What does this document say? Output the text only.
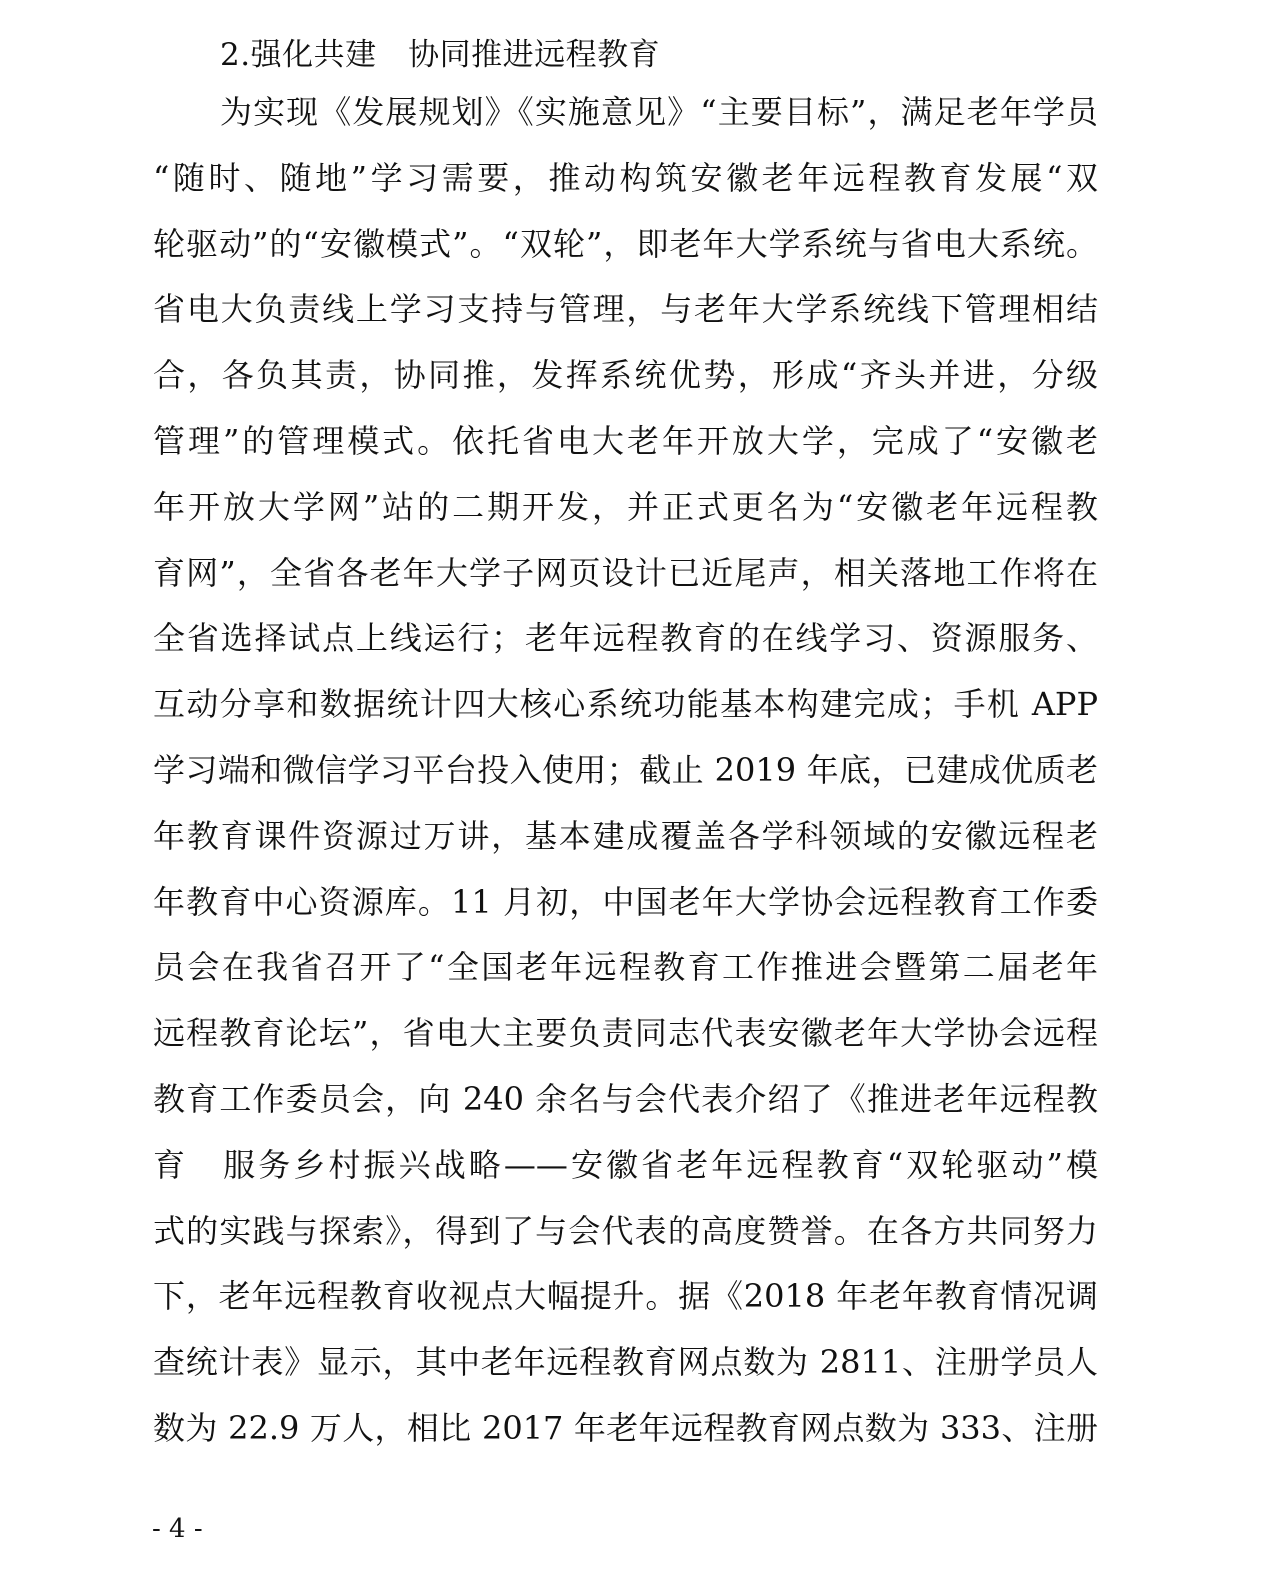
2.强化共建　协同推进远程教育
为实现《发展规划》《实施意见》“主要目标”，满足老年学员
“随时、随地”学习需要，推动构筑安徽老年远程教育发展“双
轮驱动”的“安徽模式”。“双轮”，即老年大学系统与省电大系统。
省电大负责线上学习支持与管理，与老年大学系统线下管理相结
合，各负其责，协同推，发挥系统优势，形成“齐头并进，分级
管理”的管理模式。依托省电大老年开放大学，完成了“安徽老
年开放大学网”站的二期开发，并正式更名为“安徽老年远程教
育网”，全省各老年大学子网页设计已近尾声，相关落地工作将在
全省选择试点上线运行；老年远程教育的在线学习、资源服务、
互动分享和数据统计四大核心系统功能基本构建完成；手机 APP
学习端和微信学习平台投入使用；截止 2019 年底，已建成优质老
年教育课件资源过万讲，基本建成覆盖各学科领域的安徽远程老
年教育中心资源库。11 月初，中国老年大学协会远程教育工作委
员会在我省召开了“全国老年远程教育工作推进会暨第二届老年
远程教育论坛”，省电大主要负责同志代表安徽老年大学协会远程
教育工作委员会，向 240 余名与会代表介绍了《推进老年远程教
育　服务乡村振兴战略——安徽省老年远程教育“双轮驱动”模
式的实践与探索》，得到了与会代表的高度赞誉。在各方共同努力
下，老年远程教育收视点大幅提升。据《2018 年老年教育情况调
查统计表》显示，其中老年远程教育网点数为 2811、注册学员人
数为 22.9 万人，相比 2017 年老年远程教育网点数为 333、注册
- 4 -
